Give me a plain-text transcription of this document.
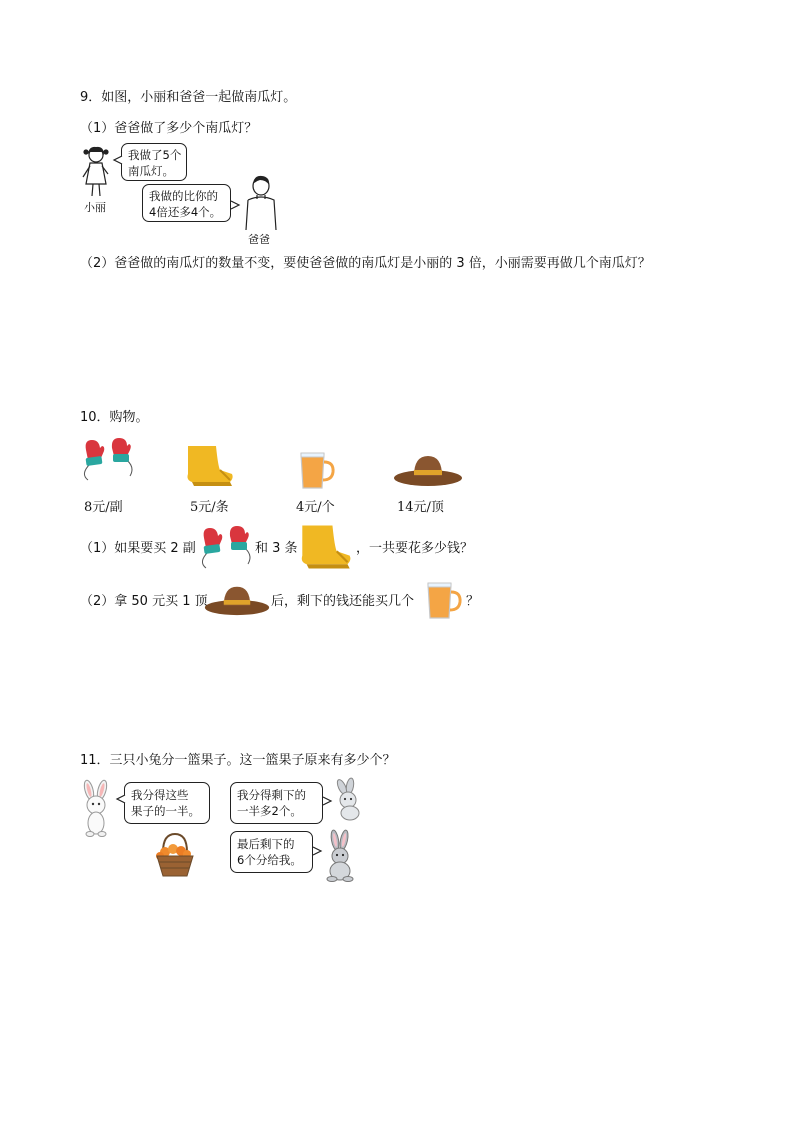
9．如图，小丽和爸爸一起做南瓜灯。
（1）爸爸做了多少个南瓜灯？
小丽
我做了5个
南瓜灯。
我做的比你的
4倍还多4个。
爸爸
（2）爸爸做的南瓜灯的数量不变，要使爸爸做的南瓜灯是小丽的 3 倍，小丽需要再做几个南瓜灯？
10．购物。
8元/副	5元/条	4元/个	14元/顶
（1）如果要买 2 副	和 3 条	，一共要花多少钱？
（2）拿 50 元买 1 顶	后，剩下的钱还能买几个	？
11．三只小兔分一篮果子。这一篮果子原来有多少个？
我分得这些
果子的一半。
我分得剩下的
一半多2个。
最后剩下的
6个分给我。
